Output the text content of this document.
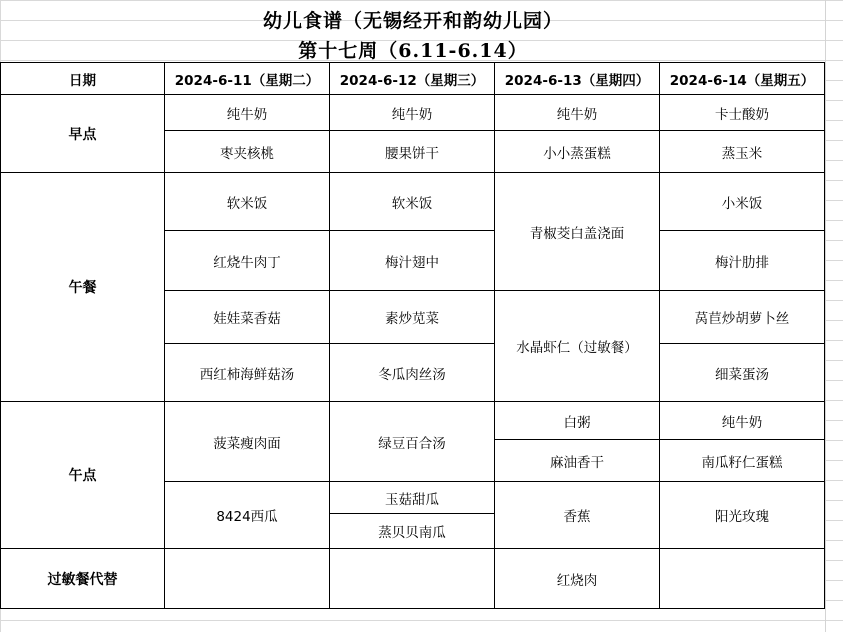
幼儿食谱（无锡经开和韵幼儿园）
第十七周（6.11-6.14）
日期	2024-6-11（星期二）	2024-6-12（星期三）	2024-6-13（星期四）	2024-6-14（星期五）
早点	纯牛奶	纯牛奶	纯牛奶	卡士酸奶
	枣夹核桃	腰果饼干	小小蒸蛋糕	蒸玉米
午餐	软米饭	软米饭	青椒茭白盖浇面	小米饭
	红烧牛肉丁	梅汁翅中		梅汁肋排
	娃娃菜香菇	素炒苋菜	水晶虾仁（过敏餐）	莴苣炒胡萝卜丝
	西红柿海鲜菇汤	冬瓜肉丝汤		细菜蛋汤
午点	菠菜瘦肉面	绿豆百合汤	白粥	纯牛奶
			麻油香干	南瓜籽仁蛋糕
	8424西瓜	玉菇甜瓜	香蕉	阳光玫瑰
		蒸贝贝南瓜		
过敏餐代替			红烧肉	
